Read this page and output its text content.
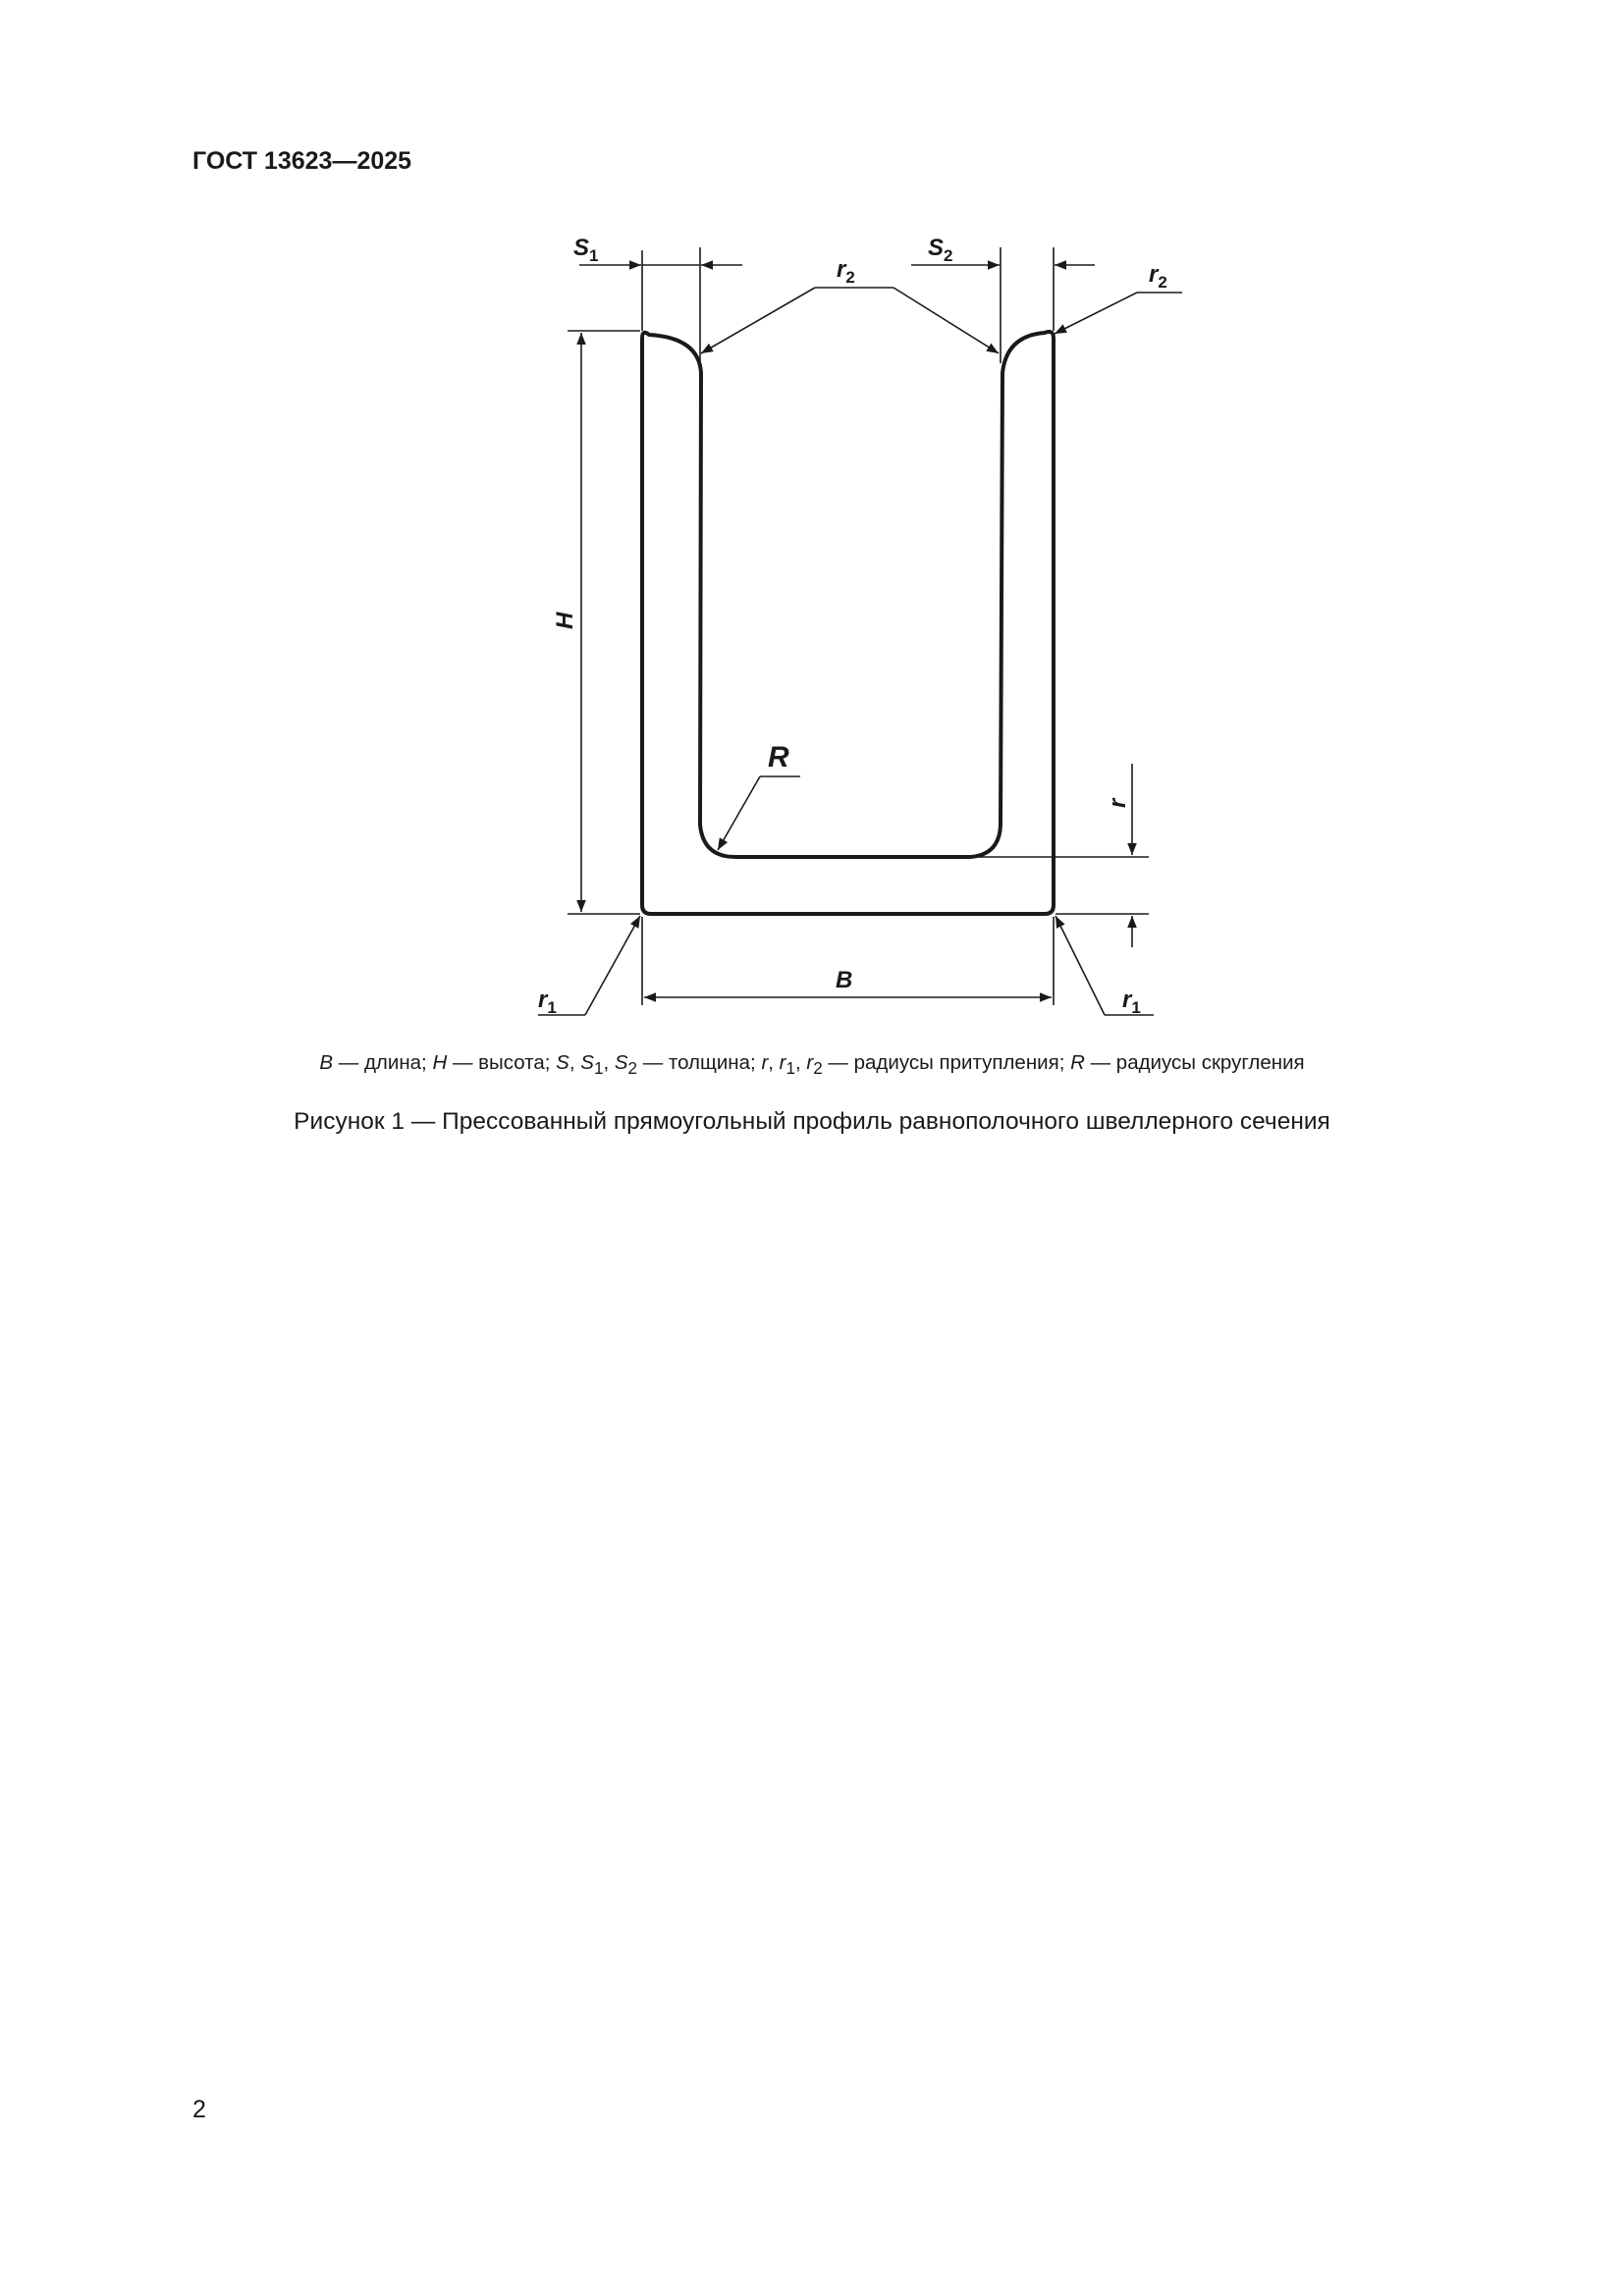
ГОСТ 13623—2025
$S_1$	$S_2$
$r_2$	$r_2$
H
R
r
B
$r_1$	$r_1$
B — длина; H — высота; S, $S_1$, $S_2$ — толщина; r, $r_1$, $r_2$ — радиусы притупления; R — радиусы скругления
Рисунок 1 — Прессованный прямоугольный профиль равнополочного швеллерного сечения
2
